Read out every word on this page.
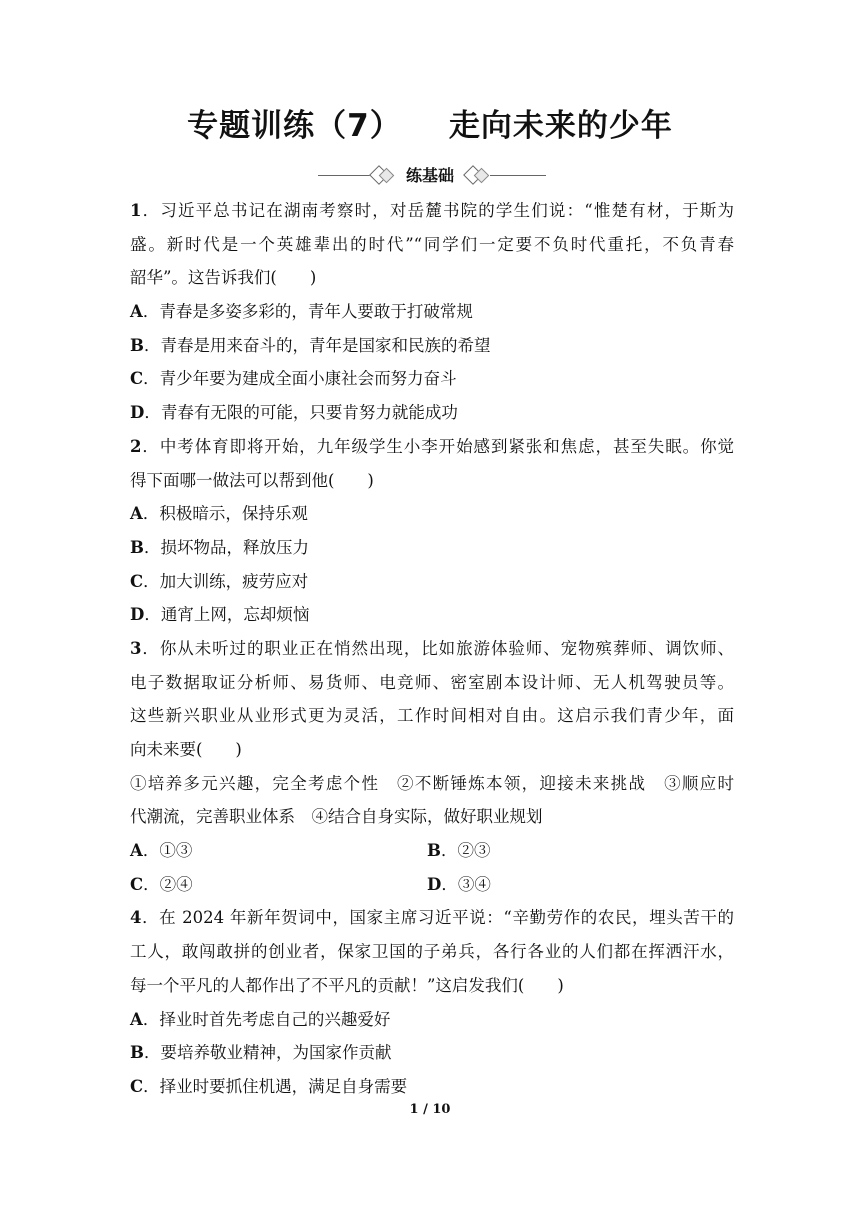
专题训练（7）    走向未来的少年
练基础
1．习近平总书记在湖南考察时，对岳麓书院的学生们说：“惟楚有材，于斯为
盛。新时代是一个英雄辈出的时代”“同学们一定要不负时代重托，不负青春
韶华”。这告诉我们(　　)
A．青春是多姿多彩的，青年人要敢于打破常规
B．青春是用来奋斗的，青年是国家和民族的希望
C．青少年要为建成全面小康社会而努力奋斗
D．青春有无限的可能，只要肯努力就能成功
2．中考体育即将开始，九年级学生小李开始感到紧张和焦虑，甚至失眠。你觉
得下面哪一做法可以帮到他(　　)
A．积极暗示，保持乐观
B．损坏物品，释放压力
C．加大训练，疲劳应对
D．通宵上网，忘却烦恼
3．你从未听过的职业正在悄然出现，比如旅游体验师、宠物殡葬师、调饮师、
电子数据取证分析师、易货师、电竞师、密室剧本设计师、无人机驾驶员等。
这些新兴职业从业形式更为灵活，工作时间相对自由。这启示我们青少年，面
向未来要(　　)
①培养多元兴趣，完全考虑个性　②不断锤炼本领，迎接未来挑战　③顺应时
代潮流，完善职业体系　④结合自身实际，做好职业规划
A．①③	B．②③
C．②④	D．③④
4．在 2024 年新年贺词中，国家主席习近平说：“辛勤劳作的农民，埋头苦干的
工人，敢闯敢拼的创业者，保家卫国的子弟兵，各行各业的人们都在挥洒汗水，
每一个平凡的人都作出了不平凡的贡献！”这启发我们(　　)
A．择业时首先考虑自己的兴趣爱好
B．要培养敬业精神，为国家作贡献
C．择业时要抓住机遇，满足自身需要
1 / 10
